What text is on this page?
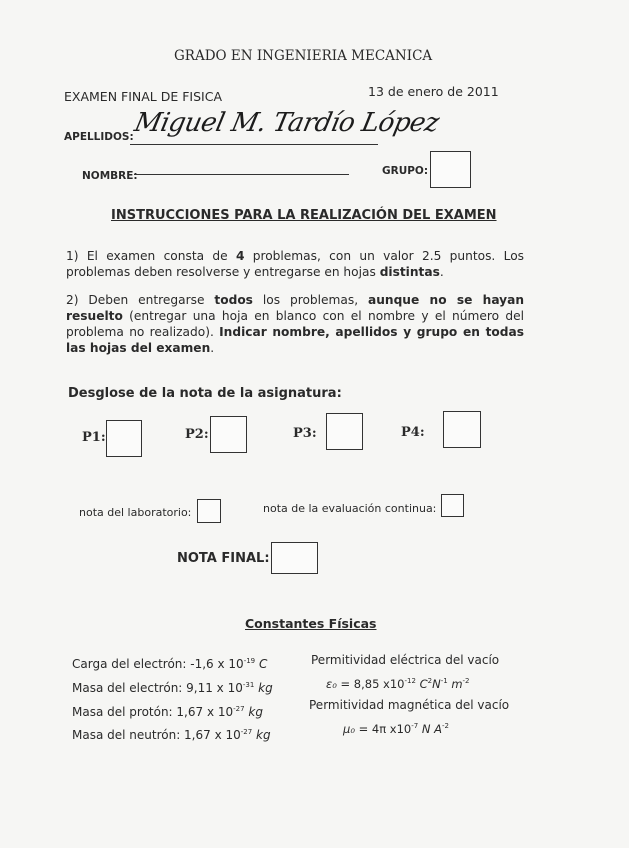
GRADO EN INGENIERIA MECANICA
EXAMEN FINAL DE FISICA	13 de enero de 2011
APELLIDOS:
Miguel M. Tardío López
NOMBRE:	GRUPO:
INSTRUCCIONES PARA LA REALIZACIÓN DEL EXAMEN
1) El examen consta de 4 problemas, con un valor 2.5 puntos. Los problemas deben resolverse y entregarse en hojas distintas.
2) Deben entregarse todos los problemas, aunque no se hayan resuelto (entregar una hoja en blanco con el nombre y el número del problema no realizado). Indicar nombre, apellidos y grupo en todas las hojas del examen.
Desglose de la nota de la asignatura:
P1:	P2:	P3:	P4:
nota del laboratorio:	nota de la evaluación continua:
NOTA FINAL:
Constantes Físicas
Carga del electrón: -1,6 x $10^{-19}$ C
Masa del electrón: 9,11 x $10^{-31}$ kg
Masa del protón: 1,67 x $10^{-27}$ kg
Masa del neutrón: 1,67 x $10^{-27}$ kg
Permitividad eléctrica del vacío
ε₀ = 8,85 $x10^{-12}$ $C^2N^{-1}$ $m^{-2}$
Permitividad magnética del vacío
μ₀ = 4π $x10^{-7}$ N $A^{-2}$
